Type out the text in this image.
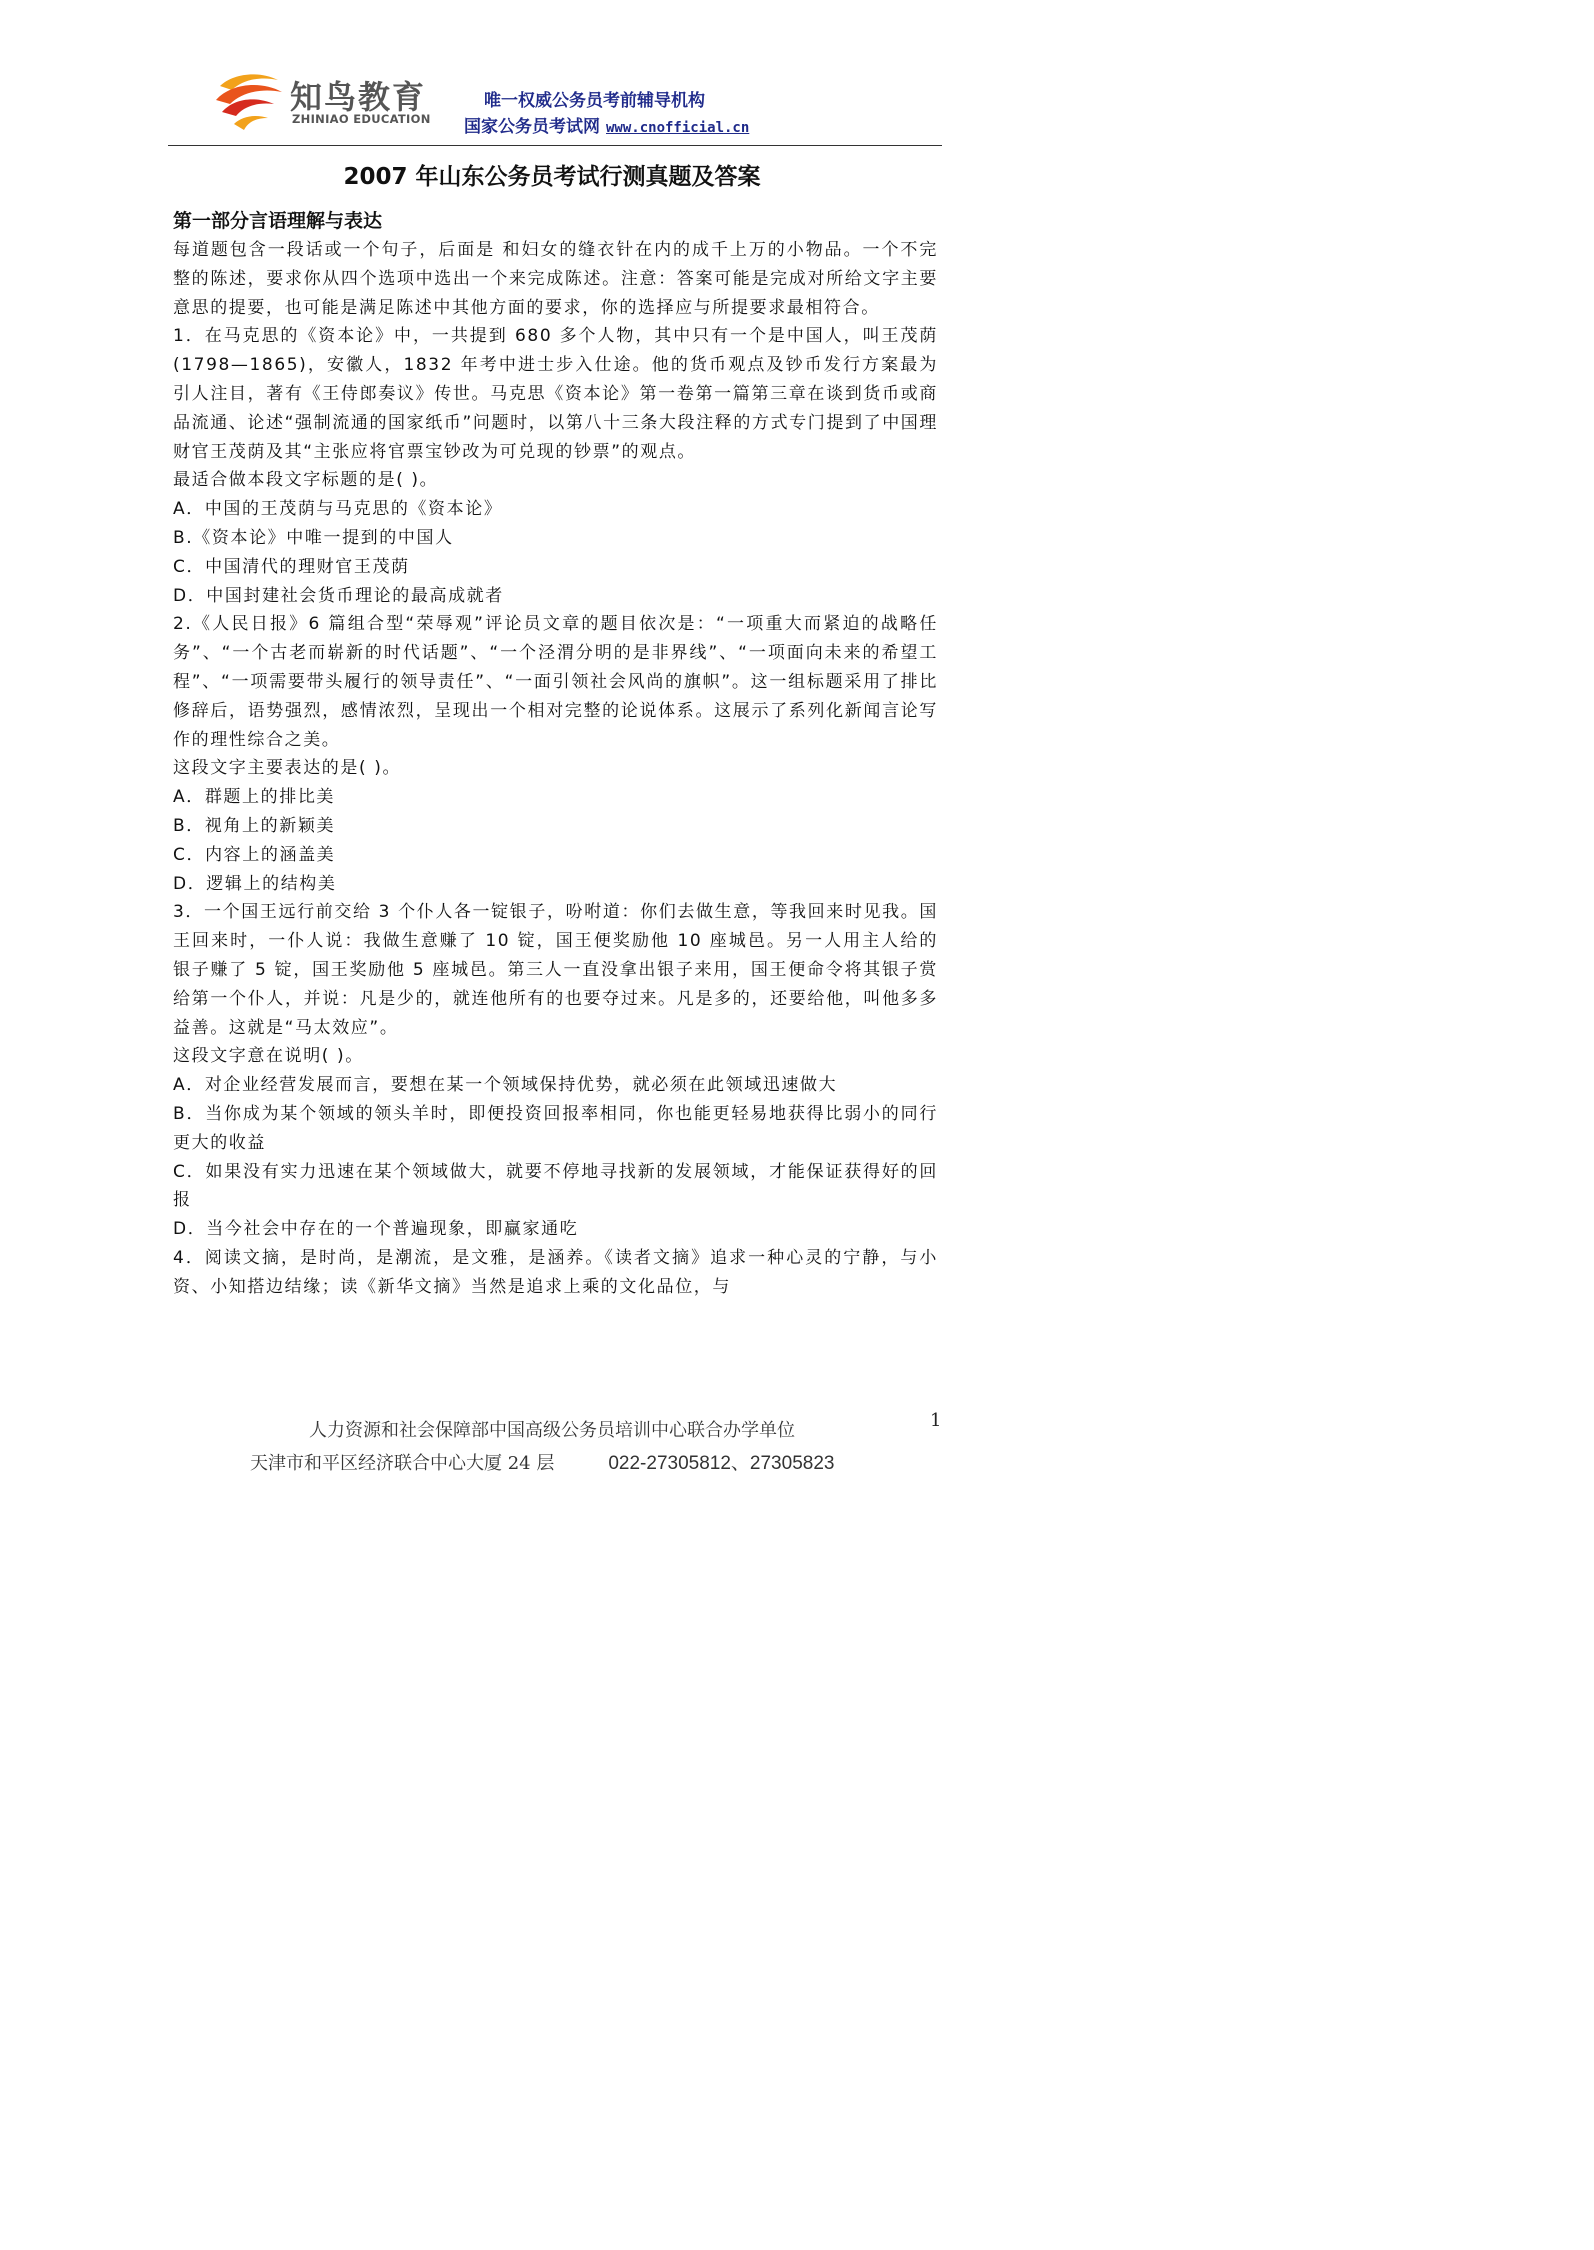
知鸟教育
ZHINIAO EDUCATION
唯一权威公务员考前辅导机构
国家公务员考试网 www.cnofficial.cn
2007 年山东公务员考试行测真题及答案
第一部分言语理解与表达

每道题包含一段话或一个句子，后面是 和妇女的缝衣针在内的成千上万的小物品。一个不完整的陈述，要求你从四个选项中选出一个来完成陈述。注意：答案可能是完成对所给文字主要意思的提要，也可能是满足陈述中其他方面的要求，你的选择应与所提要求最相符合。

1．在马克思的《资本论》中，一共提到 680 多个人物，其中只有一个是中国人，叫王茂荫 (1798—1865)，安徽人，1832 年考中进士步入仕途。他的货币观点及钞币发行方案最为引人注目，著有《王侍郎奏议》传世。马克思《资本论》第一卷第一篇第三章在谈到货币或商品流通、论述“强制流通的国家纸币”问题时，以第八十三条大段注释的方式专门提到了中国理财官王茂荫及其“主张应将官票宝钞改为可兑现的钞票”的观点。

最适合做本段文字标题的是( )。

A．中国的王茂荫与马克思的《资本论》

B.《资本论》中唯一提到的中国人

C．中国清代的理财官王茂荫

D．中国封建社会货币理论的最高成就者

2.《人民日报》6 篇组合型“荣辱观”评论员文章的题目依次是：“一项重大而紧迫的战略任务”、“一个古老而崭新的时代话题”、“一个泾渭分明的是非界线”、“一项面向未来的希望工程”、“一项需要带头履行的领导责任”、“一面引领社会风尚的旗帜”。这一组标题采用了排比修辞后，语势强烈，感情浓烈，呈现出一个相对完整的论说体系。这展示了系列化新闻言论写作的理性综合之美。

这段文字主要表达的是( )。

A．群题上的排比美

B．视角上的新颖美

C．内容上的涵盖美

D．逻辑上的结构美

3．一个国王远行前交给 3 个仆人各一锭银子，吩咐道：你们去做生意，等我回来时见我。国王回来时，一仆人说：我做生意赚了 10 锭，国王便奖励他 10 座城邑。另一人用主人给的银子赚了 5 锭，国王奖励他 5 座城邑。第三人一直没拿出银子来用，国王便命令将其银子赏给第一个仆人，并说：凡是少的，就连他所有的也要夺过来。凡是多的，还要给他，叫他多多益善。这就是“马太效应”。

这段文字意在说明( )。

A．对企业经营发展而言，要想在某一个领域保持优势，就必须在此领域迅速做大

B．当你成为某个领域的领头羊时，即便投资回报率相同，你也能更轻易地获得比弱小的同行更大的收益

C．如果没有实力迅速在某个领域做大，就要不停地寻找新的发展领域，才能保证获得好的回报

D．当今社会中存在的一个普遍现象，即赢家通吃

4．阅读文摘，是时尚，是潮流，是文雅，是涵养。《读者文摘》追求一种心灵的宁静，与小资、小知搭边结缘；读《新华文摘》当然是追求上乘的文化品位，与

人力资源和社会保障部中国高级公务员培训中心联合办学单位	1
天津市和平区经济联合中心大厦 24 层	022-27305812、27305823
